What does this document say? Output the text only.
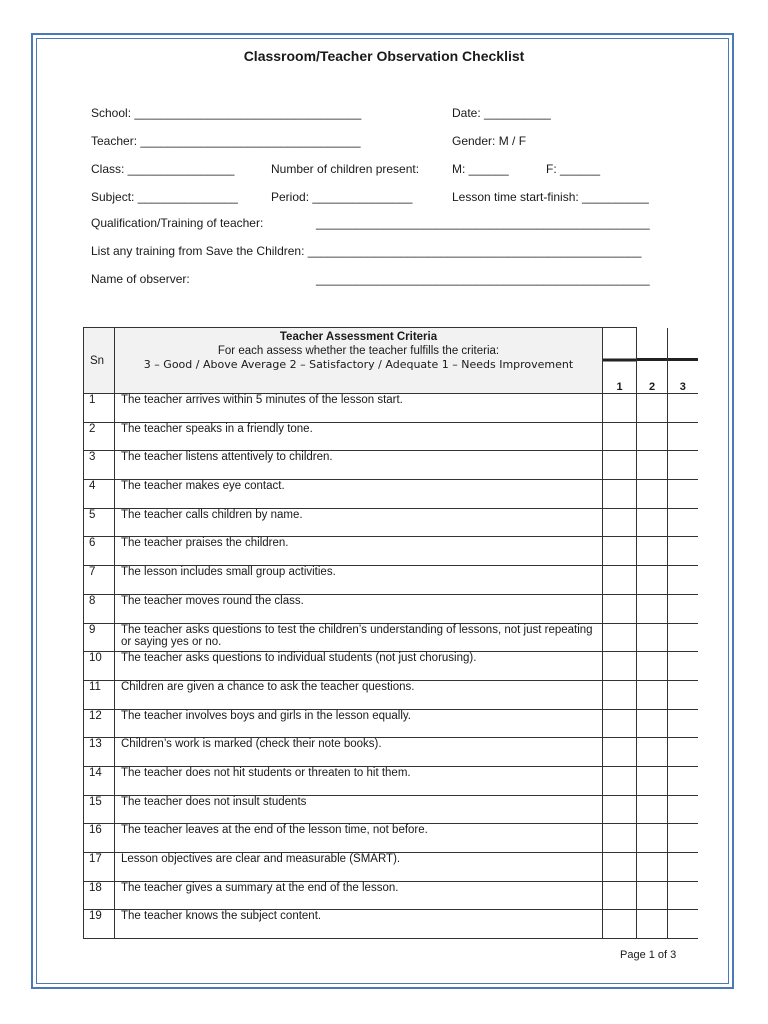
Classroom/Teacher Observation Checklist
School: __________________________________	Date: __________
Teacher: _________________________________	Gender: M / F
Class: ________________	Number of children present:	M: ______	F: ______
Subject: _______________	Period: _______________	Lesson time start-finish: __________
Qualification/Training of teacher:	__________________________________________________
List any training from Save the Children: __________________________________________________
Name of observer:	__________________________________________________
Sn	Teacher Assessment Criteria
For each assess whether the teacher fulfills the criteria:
3 – Good / Above Average 2 – Satisfactory / Adequate 1 – Needs Improvement	1	2	3
1	The teacher arrives within 5 minutes of the lesson start.			
2	The teacher speaks in a friendly tone.			
3	The teacher listens attentively to children.			
4	The teacher makes eye contact.			
5	The teacher calls children by name.			
6	The teacher praises the children.			
7	The lesson includes small group activities.			
8	The teacher moves round the class.			
9	The teacher asks questions to test the children’s understanding of lessons, not just repeating or saying yes or no.			
10	The teacher asks questions to individual students (not just chorusing).			
11	Children are given a chance to ask the teacher questions.			
12	The teacher involves boys and girls in the lesson equally.			
13	Children’s work is marked (check their note books).			
14	The teacher does not hit students or threaten to hit them.			
15	The teacher does not insult students			
16	The teacher leaves at the end of the lesson time, not before.			
17	Lesson objectives are clear and measurable (SMART).			
18	The teacher gives a summary at the end of the lesson.			
19	The teacher knows the subject content.			
Page 1 of 3
